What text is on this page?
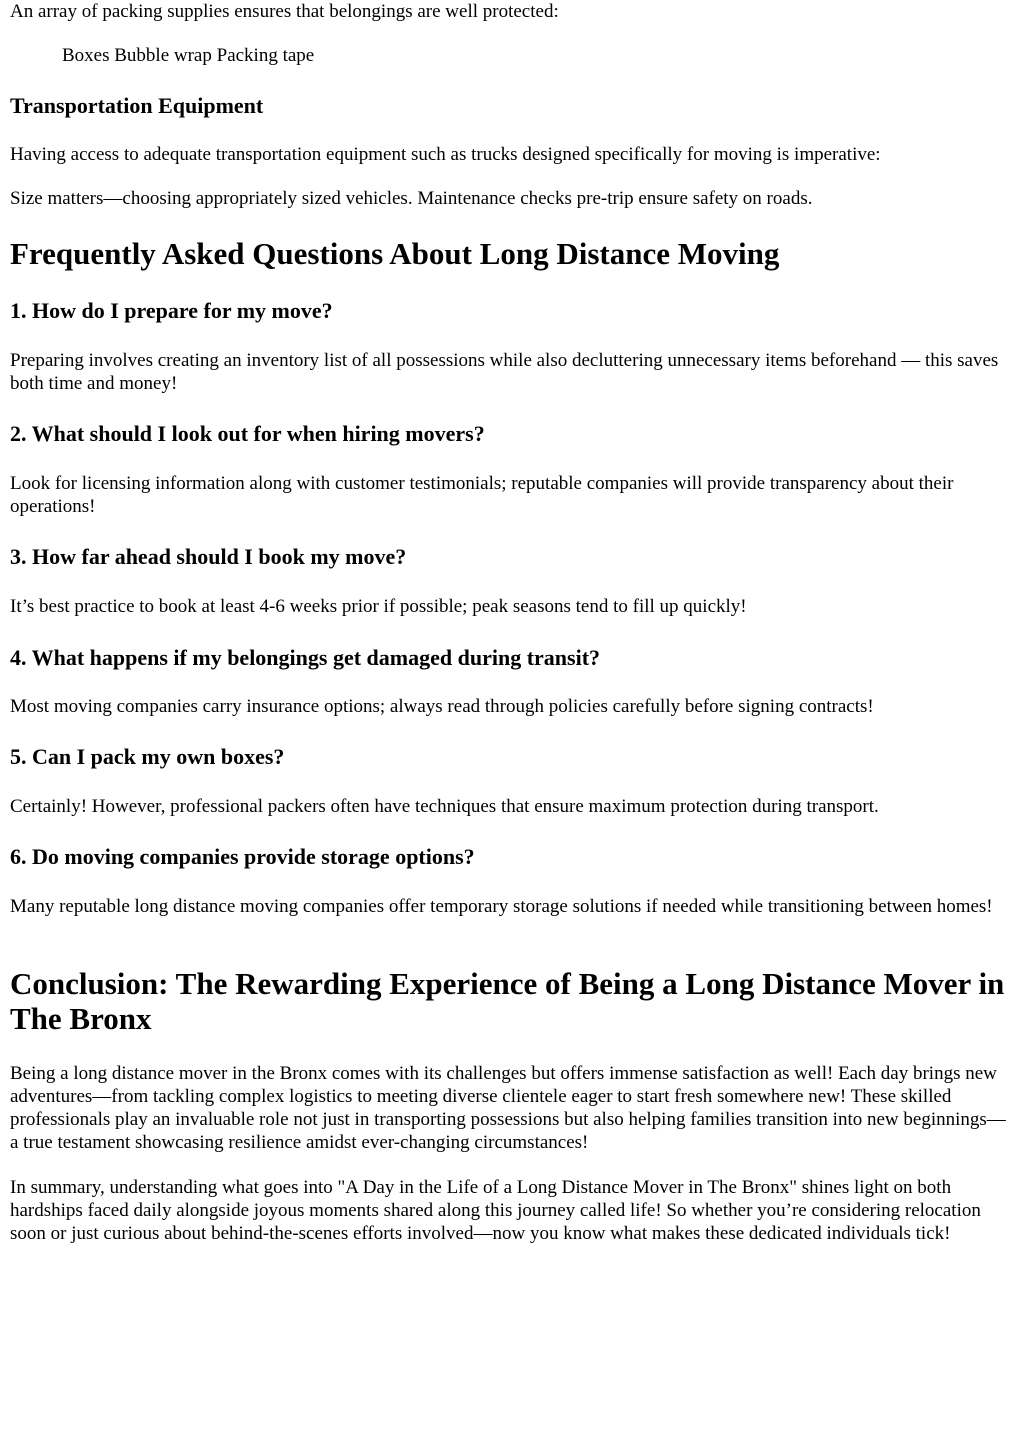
An array of packing supplies ensures that belongings are well protected:

Boxes Bubble wrap Packing tape
Transportation Equipment

Having access to adequate transportation equipment such as trucks designed specifically for moving is imperative:

Size matters—choosing appropriately sized vehicles. Maintenance checks pre-trip ensure safety on roads.

Frequently Asked Questions About Long Distance Moving
1. How do I prepare for my move?

Preparing involves creating an inventory list of all possessions while also decluttering unnecessary items beforehand — this saves both time and money!

2. What should I look out for when hiring movers?

Look for licensing information along with customer testimonials; reputable companies will provide transparency about their operations!

3. How far ahead should I book my move?

It’s best practice to book at least 4-6 weeks prior if possible; peak seasons tend to fill up quickly!

4. What happens if my belongings get damaged during transit?

Most moving companies carry insurance options; always read through policies carefully before signing contracts!

5. Can I pack my own boxes?

Certainly! However, professional packers often have techniques that ensure maximum protection during transport.

6. Do moving companies provide storage options?

Many reputable long distance moving companies offer temporary storage solutions if needed while transitioning between homes!

Conclusion: The Rewarding Experience of Being a Long Distance Mover in The Bronx

Being a long distance mover in the Bronx comes with its challenges but offers immense satisfaction as well! Each day brings new adventures—from tackling complex logistics to meeting diverse clientele eager to start fresh somewhere new! These skilled professionals play an invaluable role not just in transporting possessions but also helping families transition into new beginnings—a true testament showcasing resilience amidst ever-changing circumstances!

In summary, understanding what goes into "A Day in the Life of a Long Distance Mover in The Bronx" shines light on both hardships faced daily alongside joyous moments shared along this journey called life! So whether you’re considering relocation soon or just curious about behind-the-scenes efforts involved—now you know what makes these dedicated individuals tick!
